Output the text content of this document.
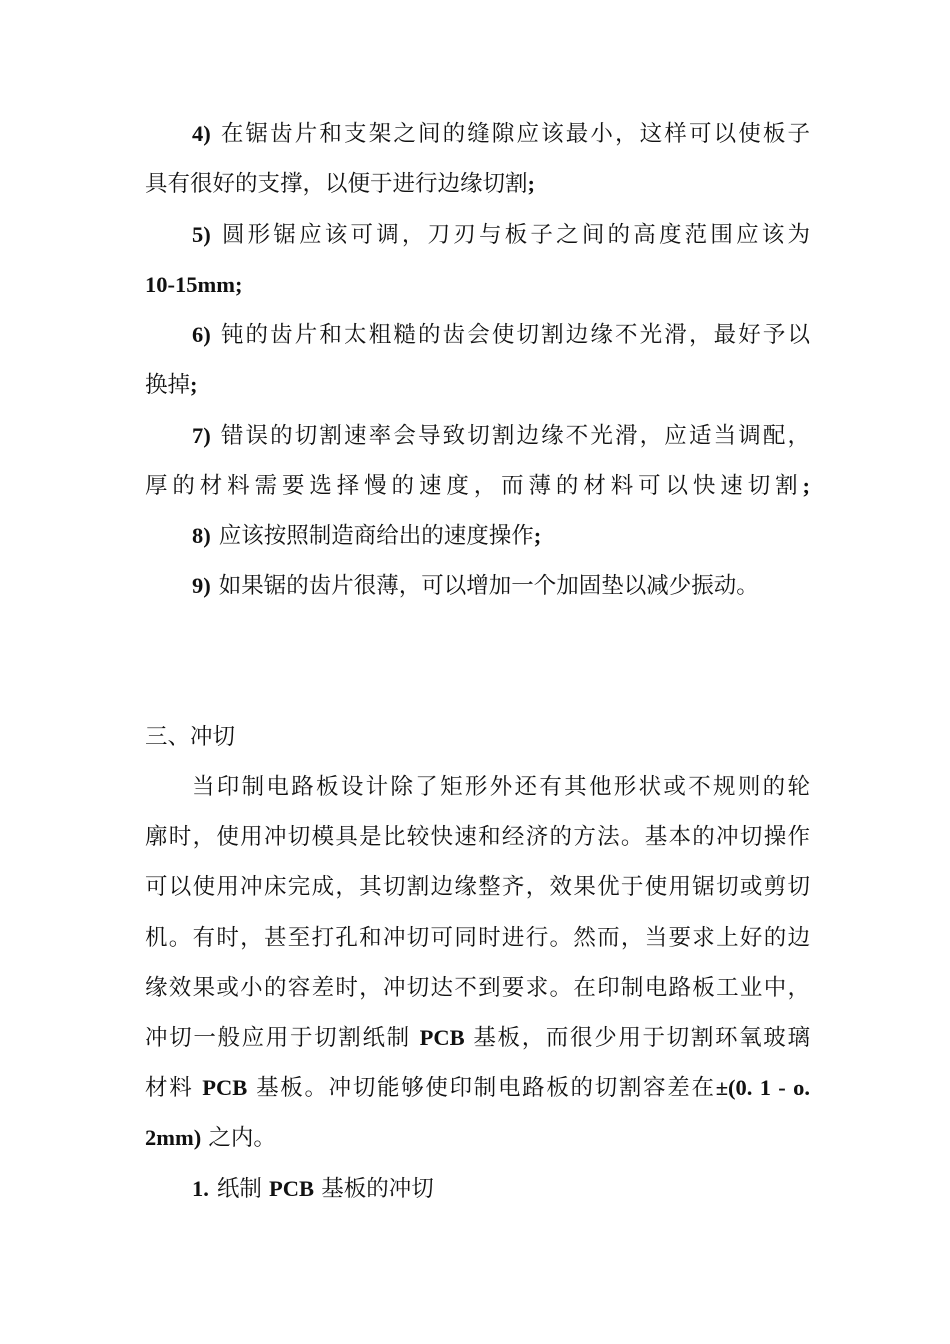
4) 在锯齿片和支架之间的缝隙应该最小，这样可以使板子
具有很好的支撑，以便于进行边缘切割;
5) 圆形锯应该可调，刀刃与板子之间的高度范围应该为
10-15mm;
6) 钝的齿片和太粗糙的齿会使切割边缘不光滑，最好予以
换掉;
7) 错误的切割速率会导致切割边缘不光滑，应适当调配，
厚的材料需要选择慢的速度，而薄的材料可以快速切割;
8) 应该按照制造商给出的速度操作;
9) 如果锯的齿片很薄，可以增加一个加固垫以减少振动。
三、冲切
当印制电路板设计除了矩形外还有其他形状或不规则的轮
廓时，使用冲切模具是比较快速和经济的方法。基本的冲切操作
可以使用冲床完成，其切割边缘整齐，效果优于使用锯切或剪切
机。有时，甚至打孔和冲切可同时进行。然而，当要求上好的边
缘效果或小的容差时，冲切达不到要求。在印制电路板工业中，
冲切一般应用于切割纸制 PCB 基板，而很少用于切割环氧玻璃
材料 PCB 基板。冲切能够使印制电路板的切割容差在±(0. 1 - o.
2mm) 之内。
1. 纸制 PCB 基板的冲切
